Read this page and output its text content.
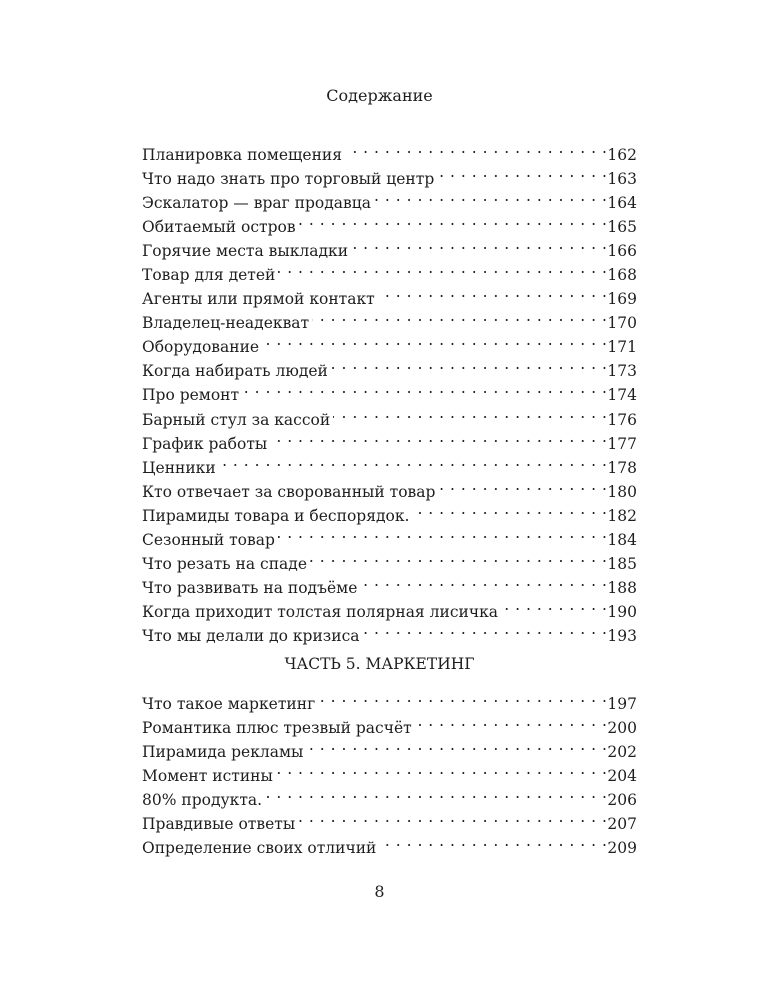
Содержание
Планировка помещения . . .	162
Что надо знать про торговый центр . . .	163
Эскалатор — враг продавца . . .	164
Обитаемый остров . . .	165
Горячие места выкладки . . .	166
Товар для детей . . .	168
Агенты или прямой контакт . . .	169
Владелец-неадекват . . .	170
Оборудование . . .	171
Когда набирать людей . . .	173
Про ремонт . . .	174
Барный стул за кассой . . .	176
График работы . . .	177
Ценники . . .	178
Кто отвечает за сворованный товар . . .	180
Пирамиды товара и беспорядок. . . .	182
Сезонный товар . . .	184
Что резать на спаде . . .	185
Что развивать на подъёме . . .	188
Когда приходит толстая полярная лисичка . . .	190
Что мы делали до кризиса . . .	193
ЧАСТЬ 5. МАРКЕТИНГ
Что такое маркетинг . . .	197
Романтика плюс трезвый расчёт . . .	200
Пирамида рекламы . . .	202
Момент истины . . .	204
80% продукта. . . .	206
Правдивые ответы . . .	207
Определение своих отличий . . .	209
8
